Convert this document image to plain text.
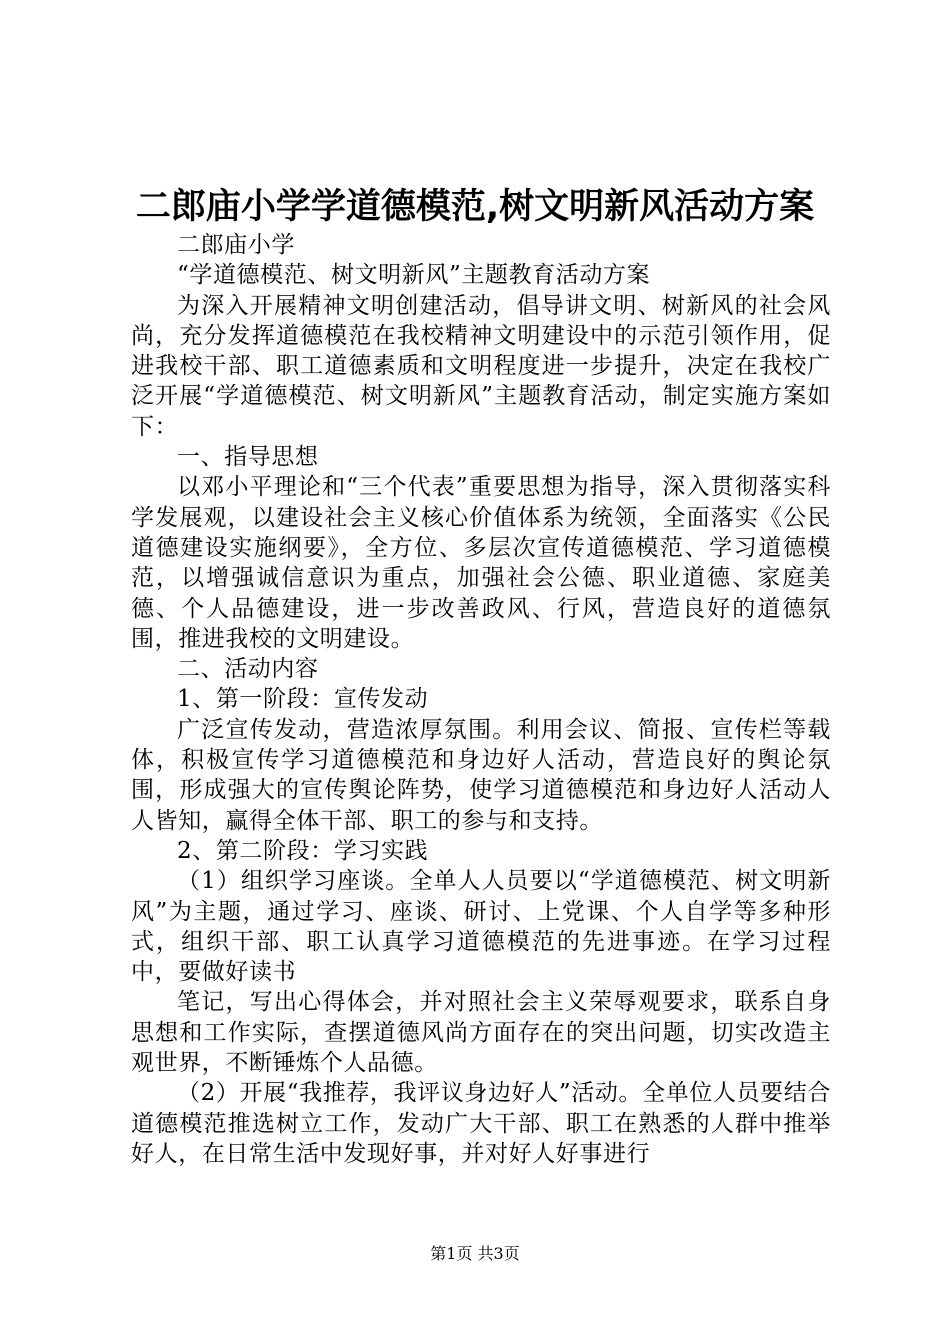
二郎庙小学学道德模范,树文明新风活动方案

二郎庙小学

“学道德模范、树文明新风”主题教育活动方案

为深入开展精神文明创建活动，倡导讲文明、树新风的社会风尚，充分发挥道德模范在我校精神文明建设中的示范引领作用，促进我校干部、职工道德素质和文明程度进一步提升，决定在我校广泛开展“学道德模范、树文明新风”主题教育活动，制定实施方案如下：

一、指导思想

以邓小平理论和“三个代表”重要思想为指导，深入贯彻落实科学发展观，以建设社会主义核心价值体系为统领，全面落实《公民道德建设实施纲要》，全方位、多层次宣传道德模范、学习道德模范，以增强诚信意识为重点，加强社会公德、职业道德、家庭美德、个人品德建设，进一步改善政风、行风，营造良好的道德氛围，推进我校的文明建设。

二、活动内容

1、第一阶段：宣传发动

广泛宣传发动，营造浓厚氛围。利用会议、简报、宣传栏等载体，积极宣传学习道德模范和身边好人活动，营造良好的舆论氛围，形成强大的宣传舆论阵势，使学习道德模范和身边好人活动人人皆知，赢得全体干部、职工的参与和支持。

2、第二阶段：学习实践

（1）组织学习座谈。全单人人员要以“学道德模范、树文明新风”为主题，通过学习、座谈、研讨、上党课、个人自学等多种形式，组织干部、职工认真学习道德模范的先进事迹。在学习过程中，要做好读书

笔记，写出心得体会，并对照社会主义荣辱观要求，联系自身思想和工作实际，查摆道德风尚方面存在的突出问题，切实改造主观世界，不断锤炼个人品德。

（2）开展“我推荐，我评议身边好人”活动。全单位人员要结合道德模范推选树立工作，发动广大干部、职工在熟悉的人群中推举好人，在日常生活中发现好事，并对好人好事进行

第1页 共3页
